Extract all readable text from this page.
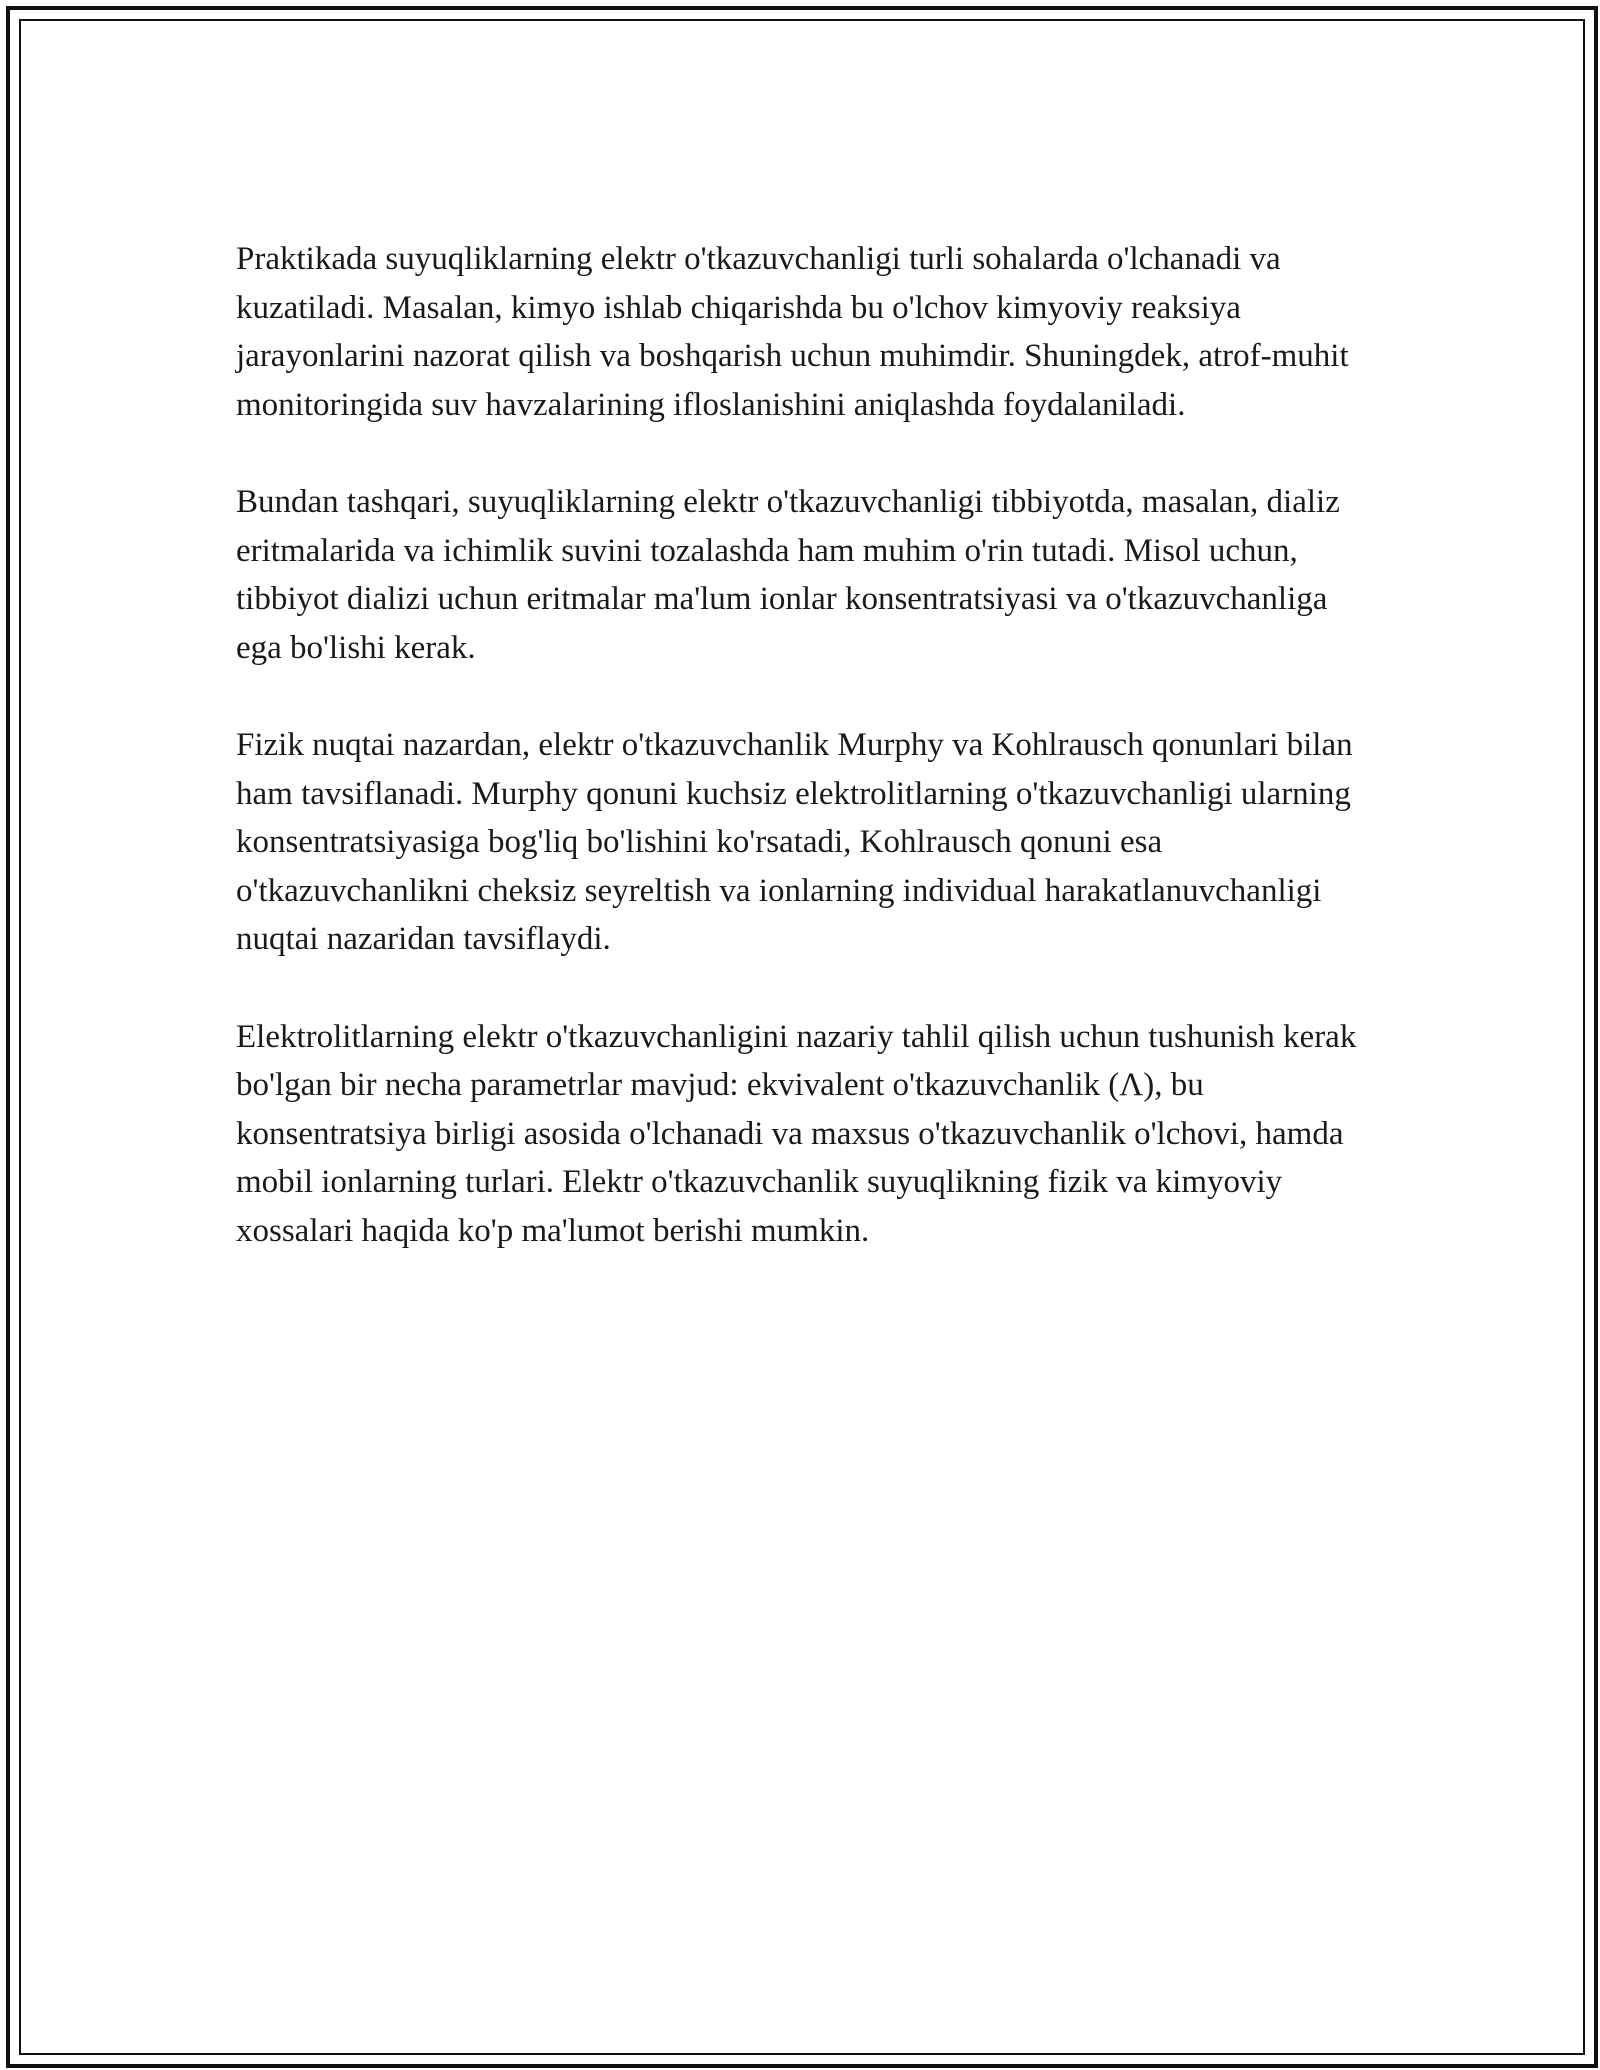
Praktikada suyuqliklarning elektr o'tkazuvchanligi turli sohalarda o'lchanadi va kuzatiladi. Masalan, kimyo ishlab chiqarishda bu o'lchov kimyoviy reaksiya jarayonlarini nazorat qilish va boshqarish uchun muhimdir. Shuningdek, atrof-muhit monitoringida suv havzalarining ifloslanishini aniqlashda foydalaniladi.

Bundan tashqari, suyuqliklarning elektr o'tkazuvchanligi tibbiyotda, masalan, dializ eritmalarida va ichimlik suvini tozalashda ham muhim o'rin tutadi. Misol uchun, tibbiyot dializi uchun eritmalar ma'lum ionlar konsentratsiyasi va o'tkazuvchanliga ega bo'lishi kerak.

Fizik nuqtai nazardan, elektr o'tkazuvchanlik Murphy va Kohlrausch qonunlari bilan ham tavsiflanadi. Murphy qonuni kuchsiz elektrolitlarning o'tkazuvchanligi ularning konsentratsiyasiga bog'liq bo'lishini ko'rsatadi, Kohlrausch qonuni esa o'tkazuvchanlikni cheksiz seyreltish va ionlarning individual harakatlanuvchanligi nuqtai nazaridan tavsiflaydi.

Elektrolitlarning elektr o'tkazuvchanligini nazariy tahlil qilish uchun tushunish kerak bo'lgan bir necha parametrlar mavjud: ekvivalent o'tkazuvchanlik (Λ), bu konsentratsiya birligi asosida o'lchanadi va maxsus o'tkazuvchanlik o'lchovi, hamda mobil ionlarning turlari. Elektr o'tkazuvchanlik suyuqlikning fizik va kimyoviy xossalari haqida ko'p ma'lumot berishi mumkin.
